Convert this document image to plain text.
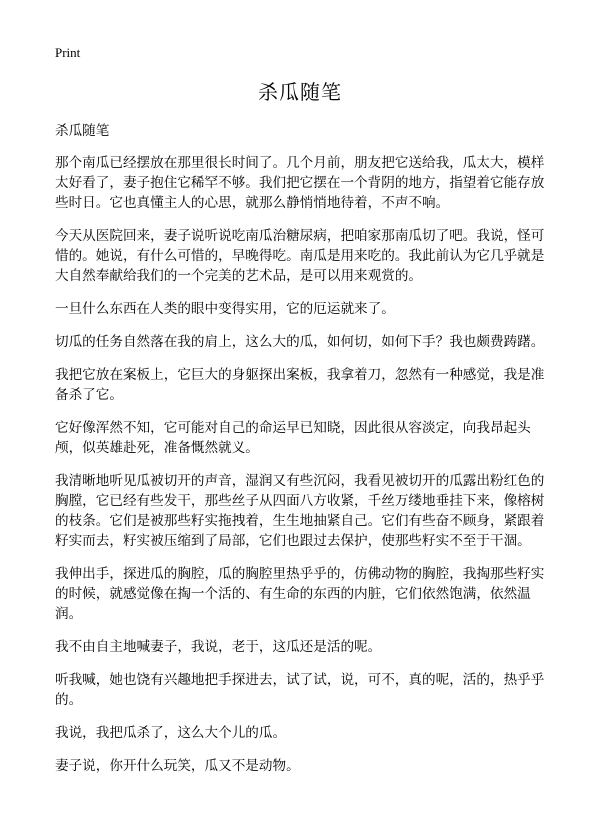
Print
杀瓜随笔
杀瓜随笔

那个南瓜已经摆放在那里很长时间了。几个月前，朋友把它送给我，瓜太大，模样太好看了，妻子抱住它稀罕不够。我们把它摆在一个背阴的地方，指望着它能存放些时日。它也真懂主人的心思，就那么静悄悄地待着，不声不响。

今天从医院回来，妻子说听说吃南瓜治糖尿病，把咱家那南瓜切了吧。我说，怪可惜的。她说，有什么可惜的，早晚得吃。南瓜是用来吃的。我此前认为它几乎就是大自然奉献给我们的一个完美的艺术品，是可以用来观赏的。

一旦什么东西在人类的眼中变得实用，它的厄运就来了。

切瓜的任务自然落在我的肩上，这么大的瓜，如何切，如何下手？我也颇费踌躇。

我把它放在案板上，它巨大的身躯探出案板，我拿着刀，忽然有一种感觉，我是准备杀了它。

它好像浑然不知，它可能对自己的命运早已知晓，因此很从容淡定，向我昂起头颅，似英雄赴死，准备慨然就义。

我清晰地听见瓜被切开的声音，湿润又有些沉闷，我看见被切开的瓜露出粉红色的胸膛，它已经有些发干，那些丝子从四面八方收紧，千丝万缕地垂挂下来，像榕树的枝条。它们是被那些籽实拖拽着，生生地抽紧自己。它们有些奋不顾身，紧跟着籽实而去，籽实被压缩到了局部，它们也跟过去保护，使那些籽实不至于干涸。

我伸出手，探进瓜的胸腔，瓜的胸腔里热乎乎的，仿佛动物的胸腔，我掏那些籽实的时候，就感觉像在掏一个活的、有生命的东西的内脏，它们依然饱满，依然温润。

我不由自主地喊妻子，我说，老于，这瓜还是活的呢。

听我喊，她也饶有兴趣地把手探进去，试了试，说，可不，真的呢，活的，热乎乎的。

我说，我把瓜杀了，这么大个儿的瓜。

妻子说，你开什么玩笑，瓜又不是动物。
